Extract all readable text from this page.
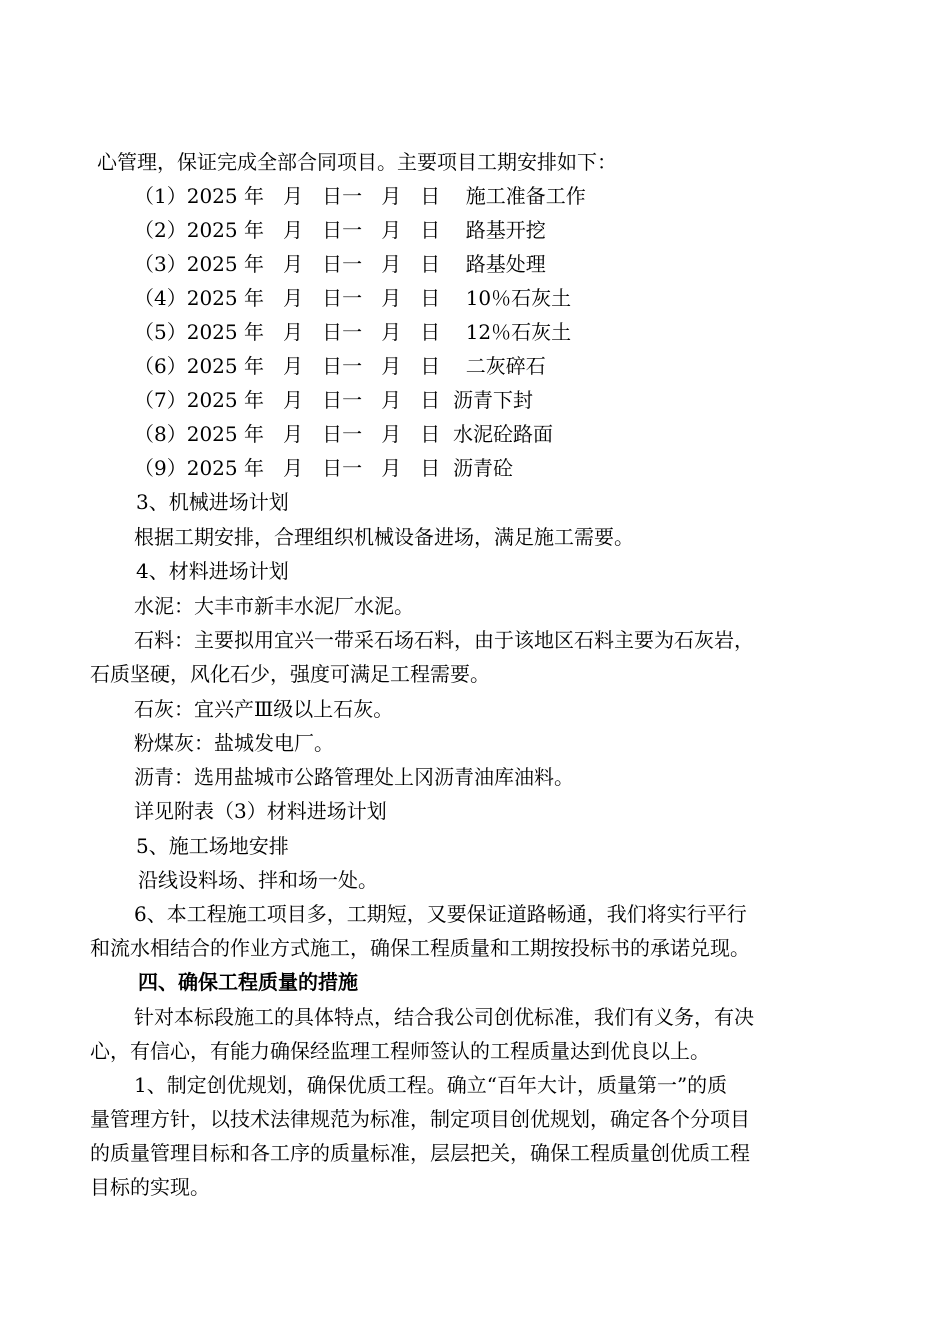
心管理，保证完成全部合同项目。主要项目工期安排如下：
（1）2025 年   月   日一   月   日    施工准备工作
（2）2025 年   月   日一   月   日    路基开挖
（3）2025 年   月   日一   月   日    路基处理
（4）2025 年   月   日一   月   日    10％石灰土
（5）2025 年   月   日一   月   日    12％石灰土
（6）2025 年   月   日一   月   日    二灰碎石
（7）2025 年   月   日一   月   日  沥青下封
（8）2025 年   月   日一   月   日  水泥砼路面
（9）2025 年   月   日一   月   日  沥青砼
3、机械进场计划
根据工期安排，合理组织机械设备进场，满足施工需要。
4、材料进场计划
水泥：大丰市新丰水泥厂水泥。
石料：主要拟用宜兴一带采石场石料，由于该地区石料主要为石灰岩，
石质坚硬，风化石少，强度可满足工程需要。
石灰：宜兴产Ⅲ级以上石灰。
粉煤灰：盐城发电厂。
沥青：选用盐城市公路管理处上冈沥青油库油料。
详见附表（3）材料进场计划
5、施工场地安排
沿线设料场、拌和场一处。
6、本工程施工项目多，工期短，又要保证道路畅通，我们将实行平行
和流水相结合的作业方式施工，确保工程质量和工期按投标书的承诺兑现。
四、确保工程质量的措施
针对本标段施工的具体特点，结合我公司创优标准，我们有义务，有决
心，有信心，有能力确保经监理工程师签认的工程质量达到优良以上。
1、制定创优规划，确保优质工程。确立“百年大计，质量第一”的质
量管理方针，以技术法律规范为标准，制定项目创优规划，确定各个分项目
的质量管理目标和各工序的质量标准，层层把关，确保工程质量创优质工程
目标的实现。
